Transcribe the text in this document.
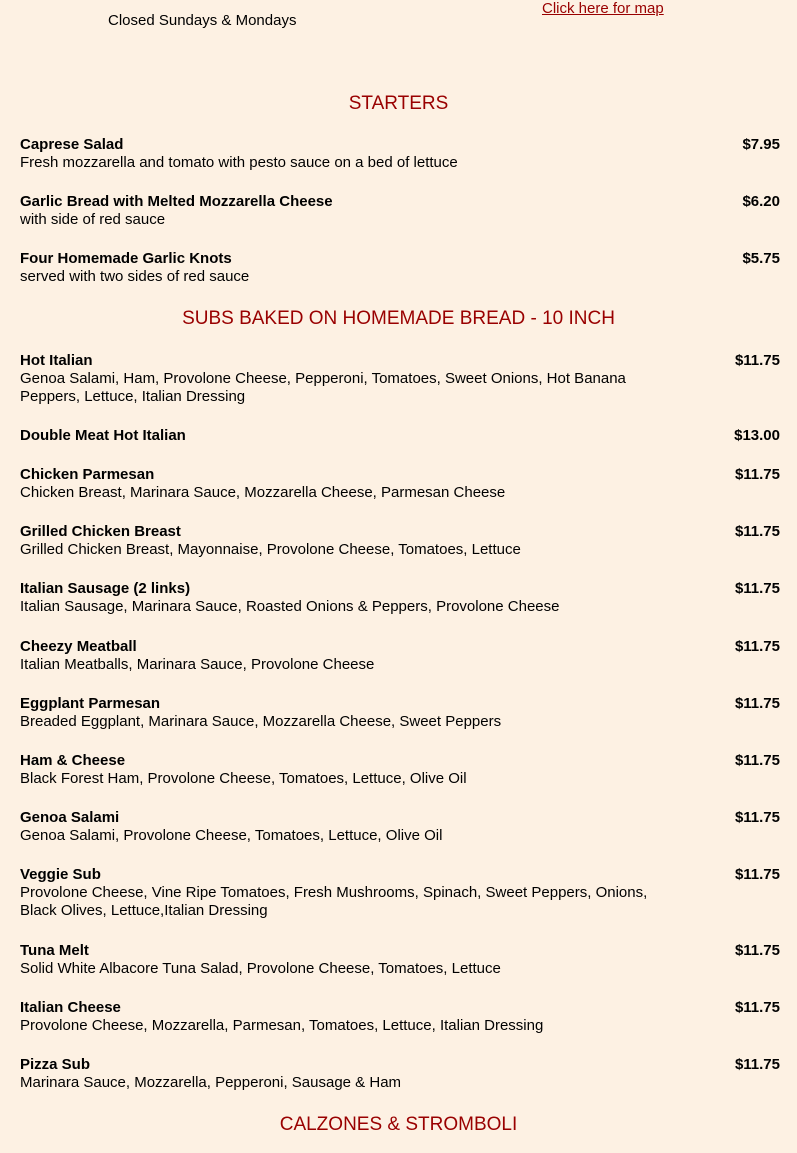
Closed Sundays & Mondays
Click here for map
STARTERS
Caprese Salad
Fresh mozzarella and tomato with pesto sauce on a bed of lettuce
$7.95
Garlic Bread with Melted Mozzarella Cheese
with side of red sauce
$6.20
Four Homemade Garlic Knots
served with two sides of red sauce
$5.75
SUBS BAKED ON HOMEMADE BREAD - 10 INCH
Hot Italian
Genoa Salami, Ham, Provolone Cheese, Pepperoni, Tomatoes, Sweet Onions, Hot Banana Peppers, Lettuce, Italian Dressing
$11.75
Double Meat Hot Italian	$13.00
Chicken Parmesan
Chicken Breast, Marinara Sauce, Mozzarella Cheese, Parmesan Cheese
$11.75
Grilled Chicken Breast
Grilled Chicken Breast, Mayonnaise, Provolone Cheese, Tomatoes, Lettuce
$11.75
Italian Sausage (2 links)
Italian Sausage, Marinara Sauce, Roasted Onions & Peppers, Provolone Cheese
$11.75
Cheezy Meatball
Italian Meatballs, Marinara Sauce, Provolone Cheese
$11.75
Eggplant Parmesan
Breaded Eggplant, Marinara Sauce, Mozzarella Cheese, Sweet Peppers
$11.75
Ham & Cheese
Black Forest Ham, Provolone Cheese, Tomatoes, Lettuce, Olive Oil
$11.75
Genoa Salami
Genoa Salami, Provolone Cheese, Tomatoes, Lettuce, Olive Oil
$11.75
Veggie Sub
Provolone Cheese, Vine Ripe Tomatoes, Fresh Mushrooms, Spinach, Sweet Peppers, Onions, Black Olives, Lettuce,Italian Dressing
$11.75
Tuna Melt
Solid White Albacore Tuna Salad, Provolone Cheese, Tomatoes, Lettuce
$11.75
Italian Cheese
Provolone Cheese, Mozzarella, Parmesan, Tomatoes, Lettuce, Italian Dressing
$11.75
Pizza Sub
Marinara Sauce, Mozzarella, Pepperoni, Sausage & Ham
$11.75
CALZONES & STROMBOLI
